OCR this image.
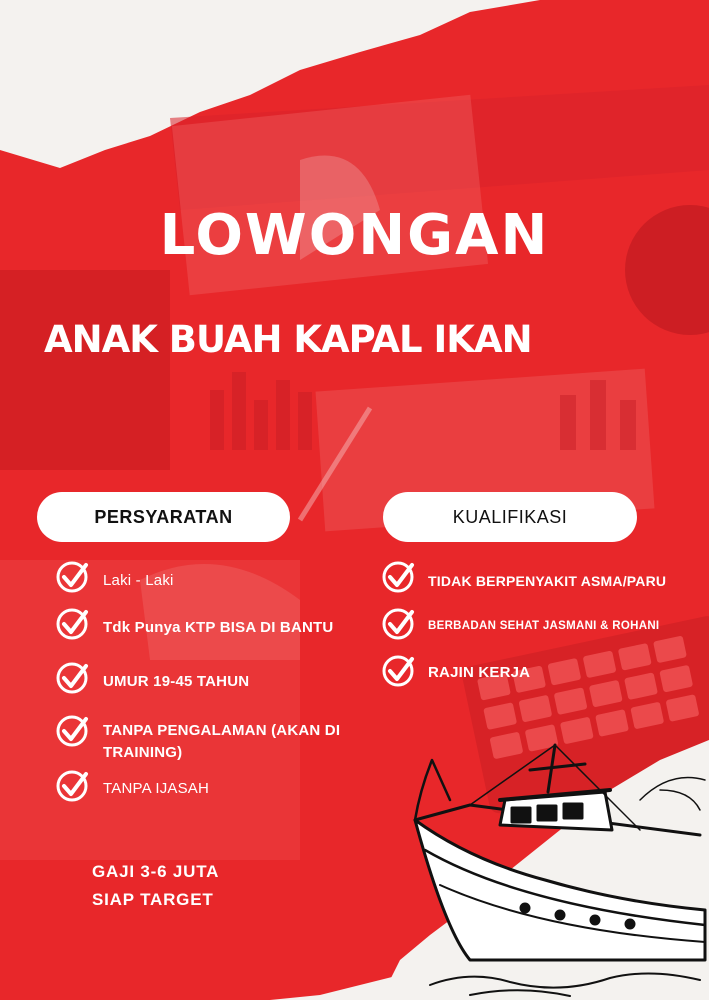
LOWONGAN
ANAK BUAH KAPAL IKAN
PERSYARATAN	KUALIFIKASI
Laki - Laki
Tdk Punya KTP BISA DI BANTU
UMUR 19-45 TAHUN
TANPA PENGALAMAN (AKAN DI TRAINING)
TANPA IJASAH
TIDAK BERPENYAKIT ASMA/PARU
BERBADAN SEHAT JASMANI & ROHANI
RAJIN KERJA
GAJI 3-6 JUTA
SIAP TARGET
